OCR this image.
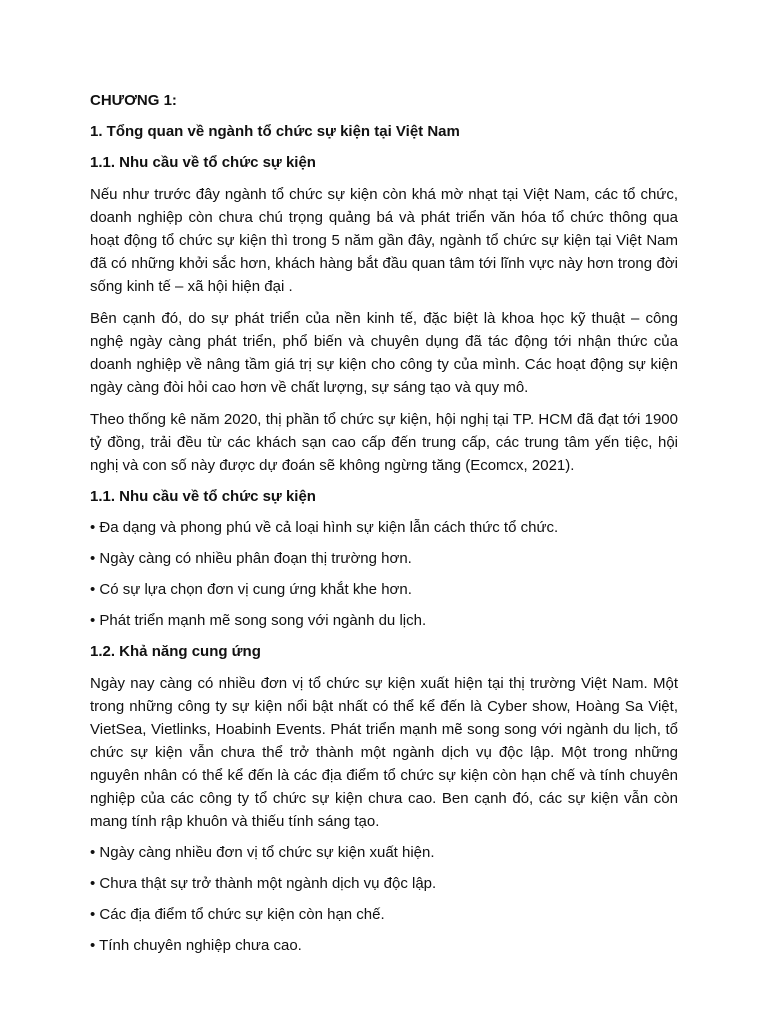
CHƯƠNG 1:

1. Tổng quan về ngành tổ chức sự kiện tại Việt Nam

1.1. Nhu cầu về tổ chức sự kiện

Nếu như trước đây ngành tổ chức sự kiện còn khá mờ nhạt tại Việt Nam, các tổ chức, doanh nghiệp còn chưa chú trọng quảng bá và phát triển văn hóa tổ chức thông qua hoạt động tổ chức sự kiện thì trong 5 năm gần đây, ngành tổ chức sự kiện tại Việt Nam đã có những khởi sắc hơn, khách hàng bắt đầu quan tâm tới lĩnh vực này hơn trong đời sống kinh tế – xã hội hiện đại .

Bên cạnh đó, do sự phát triển của nền kinh tế, đặc biệt là khoa học kỹ thuật – công nghệ ngày càng phát triển, phổ biến và chuyên dụng đã tác động tới nhận thức của doanh nghiệp về nâng tầm giá trị sự kiện cho công ty của mình. Các hoạt động sự kiện ngày càng đòi hỏi cao hơn về chất lượng, sự sáng tạo và quy mô.

Theo thống kê năm 2020, thị phần tổ chức sự kiện, hội nghị tại TP. HCM đã đạt tới 1900 tỷ đồng, trải đều từ các khách sạn cao cấp đến trung cấp, các trung tâm yến tiệc, hội nghị và con số này được dự đoán sẽ không ngừng tăng (Ecomcx, 2021).

1.1. Nhu cầu về tổ chức sự kiện

• Đa dạng và phong phú về cả loại hình sự kiện lẫn cách thức tổ chức.

• Ngày càng có nhiều phân đoạn thị trường hơn.

• Có sự lựa chọn đơn vị cung ứng khắt khe hơn.

• Phát triển mạnh mẽ song song với ngành du lịch.

1.2. Khả năng cung ứng

Ngày nay càng có nhiều đơn vị tổ chức sự kiện xuất hiện tại thị trường Việt Nam. Một trong những công ty sự kiện nổi bật nhất có thể kể đến là Cyber show, Hoàng Sa Việt, VietSea, Vietlinks, Hoabinh Events. Phát triển mạnh mẽ song song với ngành du lịch, tổ chức sự kiện vẫn chưa thể trở thành một ngành dịch vụ độc lập. Một trong những nguyên nhân có thể kể đến là các địa điểm tổ chức sự kiện còn hạn chế và tính chuyên nghiệp của các công ty tổ chức sự kiện chưa cao. Ben cạnh đó, các sự kiện vẫn còn mang tính rập khuôn và thiếu tính sáng tạo.

• Ngày càng nhiều đơn vị tổ chức sự kiện xuất hiện.

• Chưa thật sự trở thành một ngành dịch vụ độc lập.

• Các địa điểm tổ chức sự kiện còn hạn chế.

• Tính chuyên nghiệp chưa cao.
